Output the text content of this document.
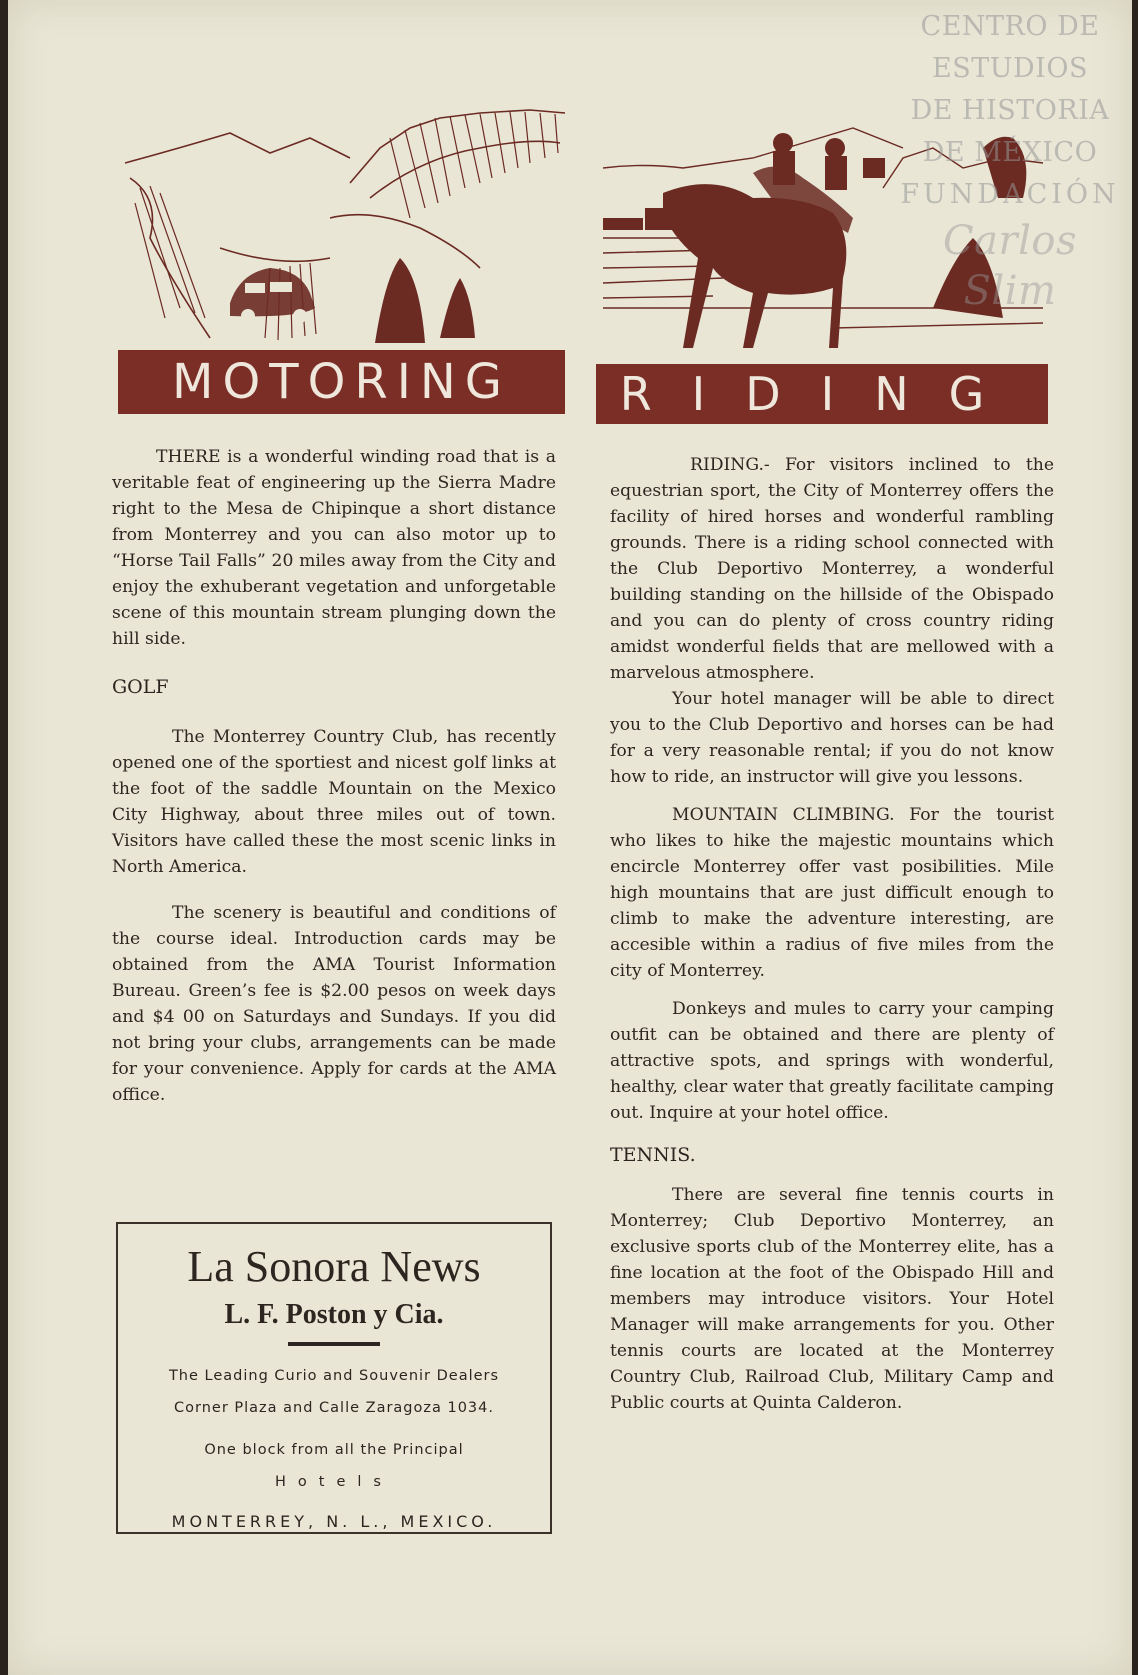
MOTORING RIDING

THERE is a wonderful winding road that is a veritable feat of engineering up the Sierra Madre right to the Mesa de Chipinque a short distance from Monterrey and you can also motor up to “Horse Tail Falls” 20 miles away from the City and enjoy the exhuberant vegetation and unforgetable scene of this mountain stream plunging down the hill side.

GOLF

The Monterrey Country Club, has recently opened one of the sportiest and nicest golf links at the foot of the saddle Mountain on the Mexico City Highway, about three miles out of town. Visitors have called these the most scenic links in North America.

The scenery is beautiful and conditions of the course ideal. Introduction cards may be obtained from the AMA Tourist Information Bureau. Green’s fee is $2.00 pesos on week days and $4 00 on Saturdays and Sundays. If you did not bring your clubs, arrangements can be made for your convenience. Apply for cards at the AMA office.

La Sonora News
L. F. Poston y Cia.
The Leading Curio and Souvenir Dealers
Corner Plaza and Calle Zaragoza 1034.
One block from all the Principal
Hotels
MONTERREY, N. L., MEXICO.

RIDING.- For visitors inclined to the equestrian sport, the City of Monterrey offers the facility of hired horses and wonderful rambling grounds. There is a riding school connected with the Club Deportivo Monterrey, a wonderful building standing on the hillside of the Obispado and you can do plenty of cross country riding amidst wonderful fields that are mellowed with a marvelous atmosphere.

Your hotel manager will be able to direct you to the Club Deportivo and horses can be had for a very reasonable rental; if you do not know how to ride, an instructor will give you lessons.

MOUNTAIN CLIMBING. For the tourist who likes to hike the majestic mountains which encircle Monterrey offer vast posibilities. Mile high mountains that are just difficult enough to climb to make the adventure interesting, are accesible within a radius of five miles from the city of Monterrey.

Donkeys and mules to carry your camping outfit can be obtained and there are plenty of attractive spots, and springs with wonderful, healthy, clear water that greatly facilitate camping out. Inquire at your hotel office.

TENNIS.

There are several fine tennis courts in Monterrey; Club Deportivo Monterrey, an exclusive sports club of the Monterrey elite, has a fine location at the foot of the Obispado Hill and members may introduce visitors. Your Hotel Manager will make arrangements for you. Other tennis courts are located at the Monterrey Country Club, Railroad Club, Military Camp and Public courts at Quinta Calderon.

CENTRO DE
ESTUDIOS
DE HISTORIA
DE MÉXICO
FUNDACIÓN
Carlos Slim
